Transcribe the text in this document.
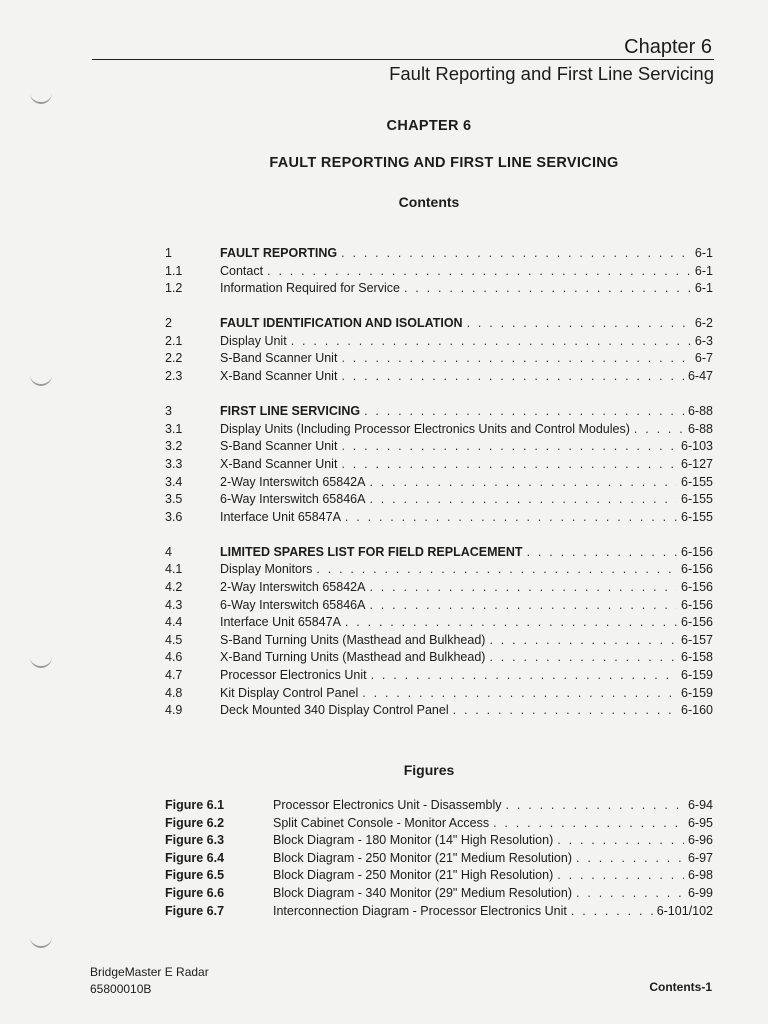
Chapter 6
Fault Reporting and First Line Servicing
CHAPTER 6
FAULT REPORTING AND FIRST LINE SERVICING
Contents
1	FAULT REPORTING . . .	6-1
1.1	Contact . . .	6-1
1.2	Information Required for Service . . .	6-1
2	FAULT IDENTIFICATION AND ISOLATION . . .	6-2
2.1	Display Unit . . .	6-3
2.2	S-Band Scanner Unit . . .	6-7
2.3	X-Band Scanner Unit . . .	6-47
3	FIRST LINE SERVICING . . .	6-88
3.1	Display Units (Including Processor Electronics Units and Control Modules) . . .	6-88
3.2	S-Band Scanner Unit . . .	6-103
3.3	X-Band Scanner Unit . . .	6-127
3.4	2-Way Interswitch 65842A . . .	6-155
3.5	6-Way Interswitch 65846A . . .	6-155
3.6	Interface Unit 65847A . . .	6-155
4	LIMITED SPARES LIST FOR FIELD REPLACEMENT . . .	6-156
4.1	Display Monitors . . .	6-156
4.2	2-Way Interswitch 65842A . . .	6-156
4.3	6-Way Interswitch 65846A . . .	6-156
4.4	Interface Unit 65847A . . .	6-156
4.5	S-Band Turning Units (Masthead and Bulkhead) . . .	6-157
4.6	X-Band Turning Units (Masthead and Bulkhead) . . .	6-158
4.7	Processor Electronics Unit . . .	6-159
4.8	Kit Display Control Panel . . .	6-159
4.9	Deck Mounted 340 Display Control Panel . . .	6-160
Figures
Figure 6.1	Processor Electronics Unit - Disassembly . . .	6-94
Figure 6.2	Split Cabinet Console - Monitor Access . . .	6-95
Figure 6.3	Block Diagram - 180 Monitor (14" High Resolution) . . .	6-96
Figure 6.4	Block Diagram - 250 Monitor (21" Medium Resolution) . . .	6-97
Figure 6.5	Block Diagram - 250 Monitor (21" High Resolution) . . .	6-98
Figure 6.6	Block Diagram - 340 Monitor (29" Medium Resolution) . . .	6-99
Figure 6.7	Interconnection Diagram - Processor Electronics Unit . . .	6-101/102
BridgeMaster E Radar
65800010B	Contents-1
